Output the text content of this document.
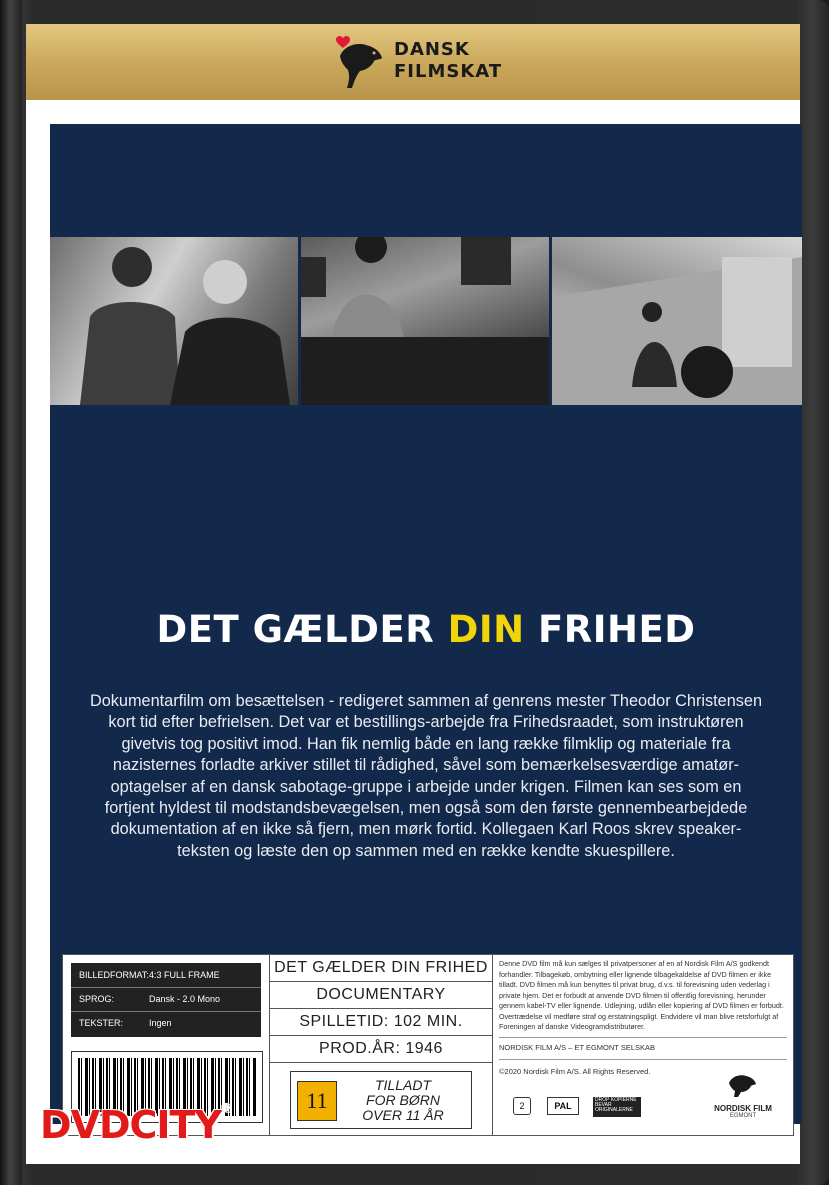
DANSK
FILMSKAT
DET GÆLDER DIN FRIHED
Dokumentarfilm om besættelsen - redigeret sammen af genrens mester Theodor Christensen kort tid efter befrielsen. Det var et bestillings-arbejde fra Frihedsraadet, som instruktøren givetvis tog positivt imod. Han fik nemlig både en lang række filmklip og materiale fra nazisternes forladte arkiver stillet til rådighed, såvel som bemærkelsesværdige amatør-optagelser af en dansk sabotage-gruppe i arbejde under krigen. Filmen kan ses som en fortjent hyldest til modstandsbevægelsen, men også som den første gennembearbejdede dokumentation af en ikke så fjern, men mørk fortid. Kollegaen Karl Roos skrev speaker-teksten og læste den op sammen med en række kendte skuespillere.
BILLEDFORMAT:4:3 FULL FRAME
SPROG:	Dansk - 2.0 Mono
TEKSTER:	Ingen
DET GÆLDER DIN FRIHED
DOCUMENTARY
SPILLETID: 102 MIN.
PROD.ÅR: 1946
11
TILLADT
FOR BØRN
OVER 11 ÅR
Denne DVD film må kun sælges til privatpersoner af en af Nordisk Film A/S godkendt forhandler. Tilbagekøb, ombytning eller lignende tilbagekaldelse af DVD filmen er ikke tilladt. DVD filmen må kun benyttes til privat brug, d.v.s. til forevisning uden vederlag i private hjem. Det er forbudt at anvende DVD filmen til offentlig forevisning, herunder gennem kabel-TV eller lignende. Udlejning, udlån eller kopiering af DVD filmen er forbudt. Overtrædelse vil medføre straf og erstatningspligt. Endvidere vil man blive retsforfulgt af Foreningen af danske Videogramdistributører.
NORDISK FILM A/S – ET EGMONT SELSKAB
©2020 Nordisk Film A/S. All Rights Reserved.
2	PAL
DROP KOPIERNE BEVAR ORIGINALERNE	NORDISK FILM
EGMONT
DVDCITY®
